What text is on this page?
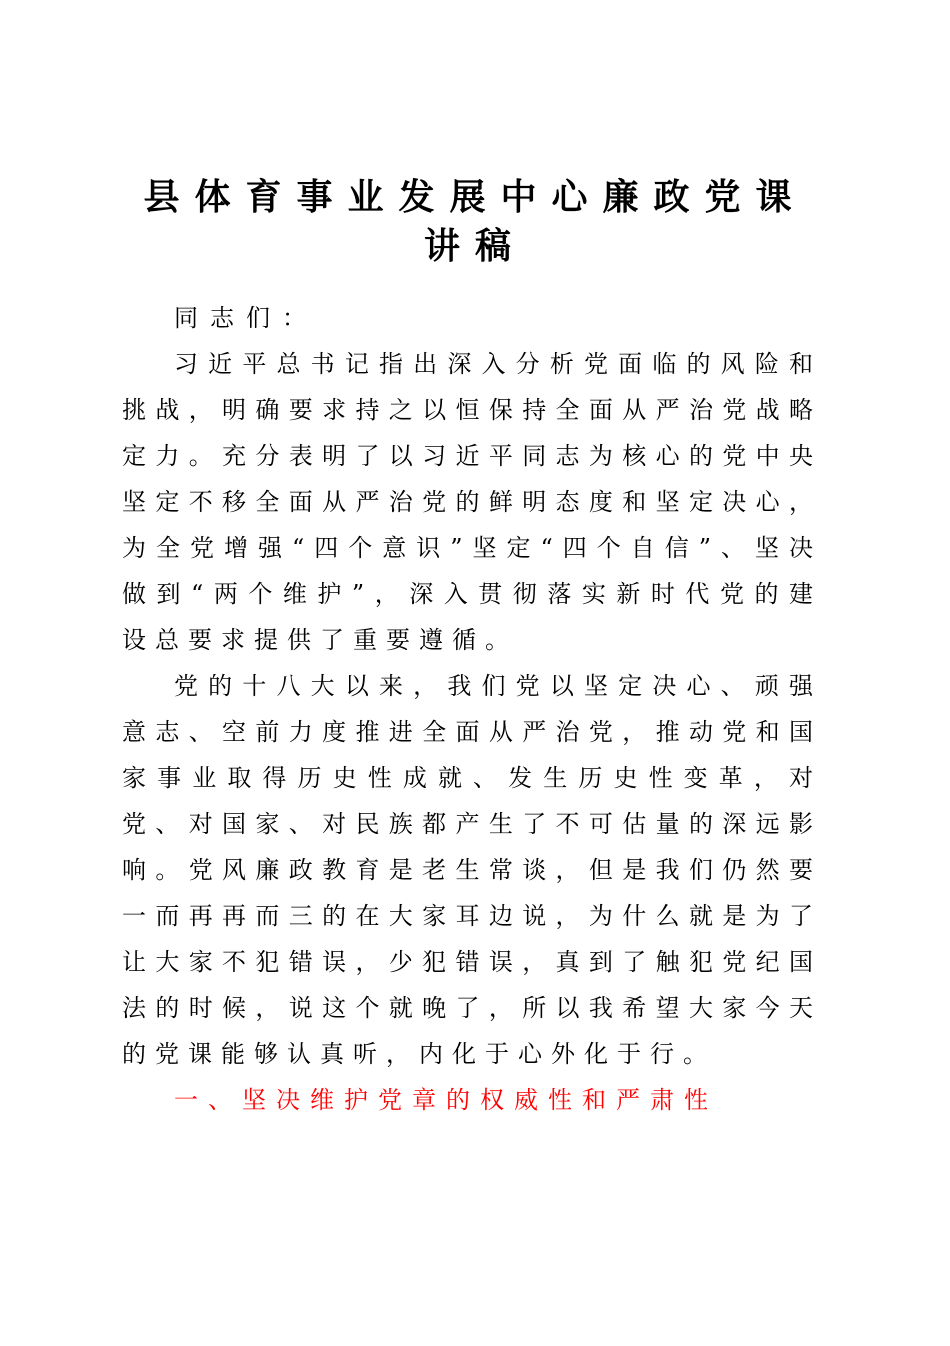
县体育事业发展中心廉政党课
讲稿

同志们：

习近平总书记指出深入分析党面临的风险和挑战，明确要求持之以恒保持全面从严治党战略定力。充分表明了以习近平同志为核心的党中央坚定不移全面从严治党的鲜明态度和坚定决心，为全党增强“四个意识”坚定“四个自信”、坚决做到“两个维护”，深入贯彻落实新时代党的建设总要求提供了重要遵循。

党的十八大以来，我们党以坚定决心、顽强意志、空前力度推进全面从严治党，推动党和国家事业取得历史性成就、发生历史性变革，对党、对国家、对民族都产生了不可估量的深远影响。党风廉政教育是老生常谈，但是我们仍然要一而再再而三的在大家耳边说，为什么就是为了让大家不犯错误，少犯错误，真到了触犯党纪国法的时候，说这个就晚了，所以我希望大家今天的党课能够认真听，内化于心外化于行。

一、坚决维护党章的权威性和严肃性
